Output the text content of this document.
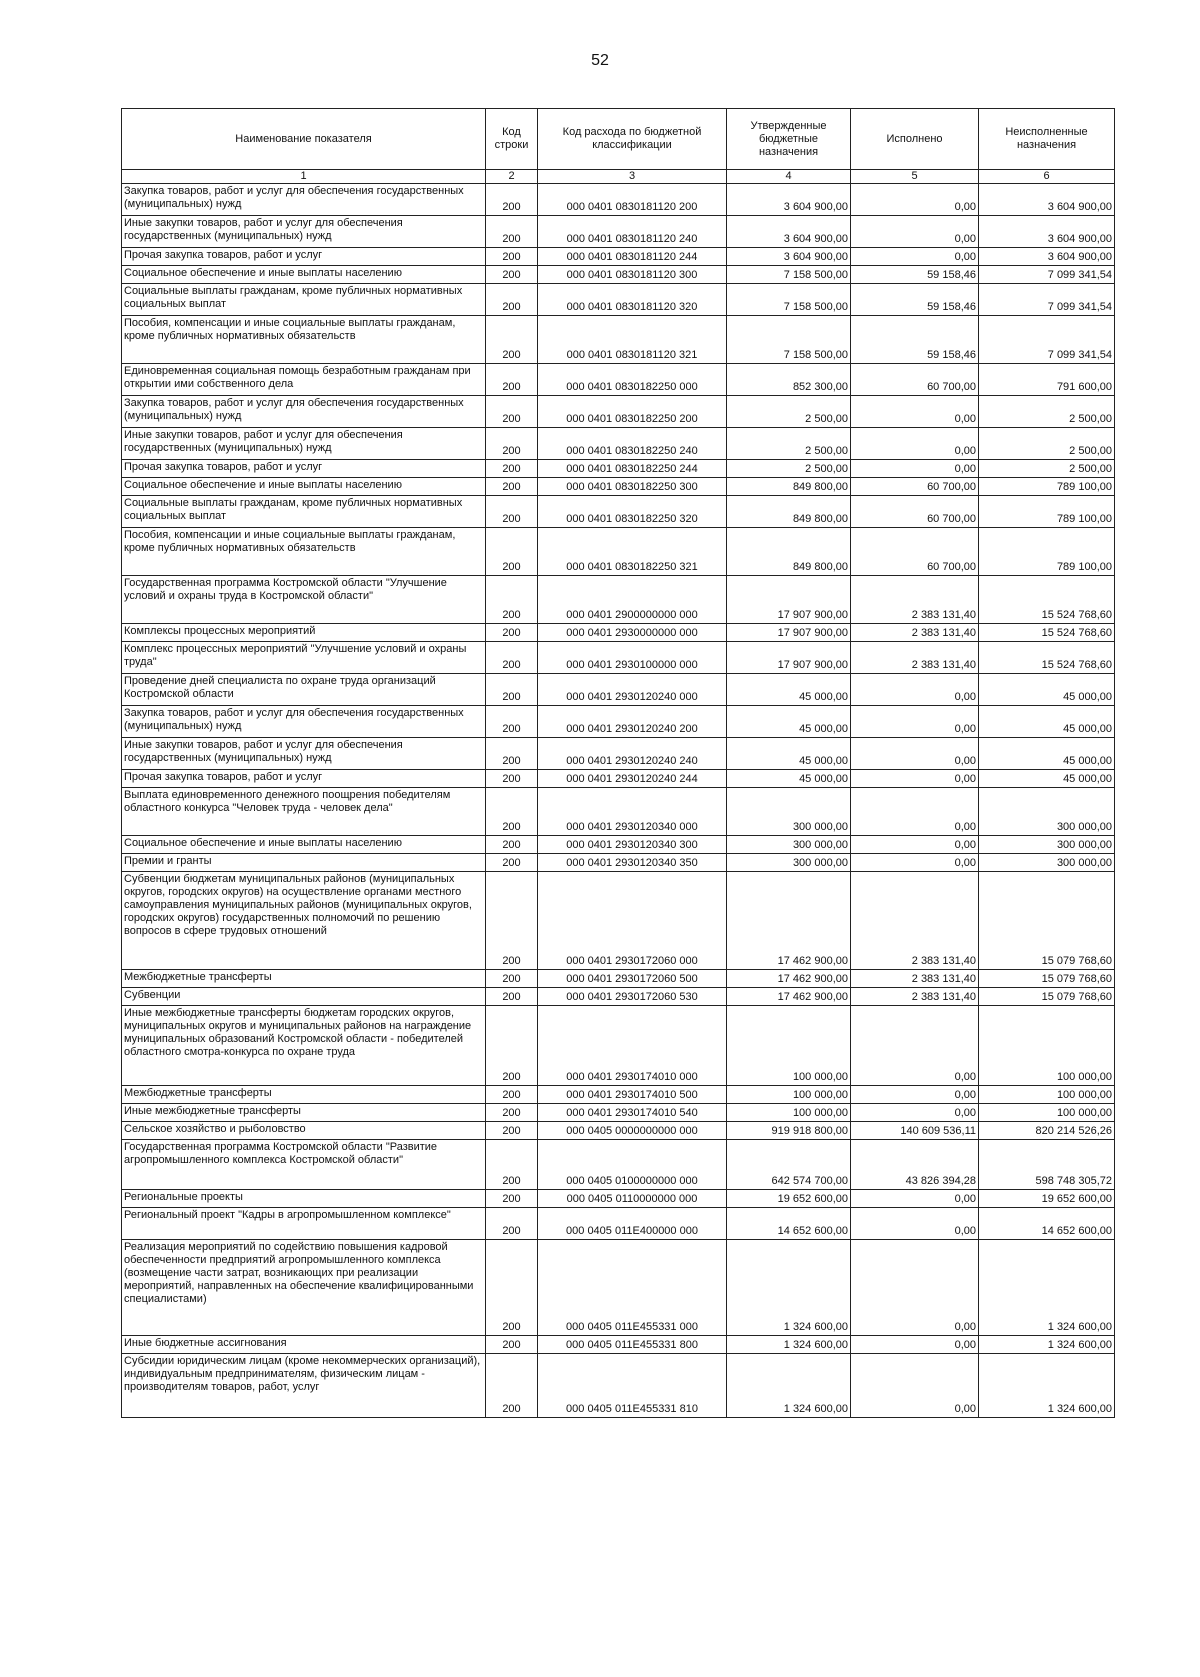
52
Наименование показателя	Код строки	Код расхода по бюджетной классификации	Утвержденные бюджетные назначения	Исполнено	Неисполненные назначения
1	2	3	4	5	6
Закупка товаров, работ и услуг для обеспечения государственных (муниципальных) нужд	200	000 0401 0830181120 200	3 604 900,00	0,00	3 604 900,00
Иные закупки товаров, работ и услуг для обеспечения государственных (муниципальных) нужд	200	000 0401 0830181120 240	3 604 900,00	0,00	3 604 900,00
Прочая закупка товаров, работ и услуг	200	000 0401 0830181120 244	3 604 900,00	0,00	3 604 900,00
Социальное обеспечение и иные выплаты населению	200	000 0401 0830181120 300	7 158 500,00	59 158,46	7 099 341,54
Социальные выплаты гражданам, кроме публичных нормативных социальных выплат	200	000 0401 0830181120 320	7 158 500,00	59 158,46	7 099 341,54
Пособия, компенсации и иные социальные выплаты гражданам, кроме публичных нормативных обязательств	200	000 0401 0830181120 321	7 158 500,00	59 158,46	7 099 341,54
Единовременная социальная помощь безработным гражданам при открытии ими собственного дела	200	000 0401 0830182250 000	852 300,00	60 700,00	791 600,00
Закупка товаров, работ и услуг для обеспечения государственных (муниципальных) нужд	200	000 0401 0830182250 200	2 500,00	0,00	2 500,00
Иные закупки товаров, работ и услуг для обеспечения государственных (муниципальных) нужд	200	000 0401 0830182250 240	2 500,00	0,00	2 500,00
Прочая закупка товаров, работ и услуг	200	000 0401 0830182250 244	2 500,00	0,00	2 500,00
Социальное обеспечение и иные выплаты населению	200	000 0401 0830182250 300	849 800,00	60 700,00	789 100,00
Социальные выплаты гражданам, кроме публичных нормативных социальных выплат	200	000 0401 0830182250 320	849 800,00	60 700,00	789 100,00
Пособия, компенсации и иные социальные выплаты гражданам, кроме публичных нормативных обязательств	200	000 0401 0830182250 321	849 800,00	60 700,00	789 100,00
Государственная программа Костромской области "Улучшение условий и охраны труда в Костромской области"	200	000 0401 2900000000 000	17 907 900,00	2 383 131,40	15 524 768,60
Комплексы процессных мероприятий	200	000 0401 2930000000 000	17 907 900,00	2 383 131,40	15 524 768,60
Комплекс процессных мероприятий "Улучшение условий и охраны труда"	200	000 0401 2930100000 000	17 907 900,00	2 383 131,40	15 524 768,60
Проведение дней специалиста по охране труда организаций Костромской области	200	000 0401 2930120240 000	45 000,00	0,00	45 000,00
Закупка товаров, работ и услуг для обеспечения государственных (муниципальных) нужд	200	000 0401 2930120240 200	45 000,00	0,00	45 000,00
Иные закупки товаров, работ и услуг для обеспечения государственных (муниципальных) нужд	200	000 0401 2930120240 240	45 000,00	0,00	45 000,00
Прочая закупка товаров, работ и услуг	200	000 0401 2930120240 244	45 000,00	0,00	45 000,00
Выплата единовременного денежного поощрения победителям областного конкурса "Человек труда - человек дела"	200	000 0401 2930120340 000	300 000,00	0,00	300 000,00
Социальное обеспечение и иные выплаты населению	200	000 0401 2930120340 300	300 000,00	0,00	300 000,00
Премии и гранты	200	000 0401 2930120340 350	300 000,00	0,00	300 000,00
Субвенции бюджетам муниципальных районов (муниципальных округов, городских округов) на осуществление органами местного самоуправления муниципальных районов (муниципальных округов, городских округов) государственных полномочий по решению вопросов в сфере трудовых отношений	200	000 0401 2930172060 000	17 462 900,00	2 383 131,40	15 079 768,60
Межбюджетные трансферты	200	000 0401 2930172060 500	17 462 900,00	2 383 131,40	15 079 768,60
Субвенции	200	000 0401 2930172060 530	17 462 900,00	2 383 131,40	15 079 768,60
Иные межбюджетные трансферты бюджетам городских округов, муниципальных округов и муниципальных районов на награждение муниципальных образований Костромской области - победителей областного смотра-конкурса по охране труда	200	000 0401 2930174010 000	100 000,00	0,00	100 000,00
Межбюджетные трансферты	200	000 0401 2930174010 500	100 000,00	0,00	100 000,00
Иные межбюджетные трансферты	200	000 0401 2930174010 540	100 000,00	0,00	100 000,00
Сельское хозяйство и рыболовство	200	000 0405 0000000000 000	919 918 800,00	140 609 536,11	820 214 526,26
Государственная программа Костромской области "Развитие агропромышленного комплекса Костромской области"	200	000 0405 0100000000 000	642 574 700,00	43 826 394,28	598 748 305,72
Региональные проекты	200	000 0405 0110000000 000	19 652 600,00	0,00	19 652 600,00
Региональный проект "Кадры в агропромышленном комплексе"	200	000 0405 011Е400000 000	14 652 600,00	0,00	14 652 600,00
Реализация мероприятий по содействию повышения кадровой обеспеченности предприятий агропромышленного комплекса (возмещение части затрат, возникающих при реализации мероприятий, направленных на обеспечение квалифицированными специалистами)	200	000 0405 011Е455331 000	1 324 600,00	0,00	1 324 600,00
Иные бюджетные ассигнования	200	000 0405 011Е455331 800	1 324 600,00	0,00	1 324 600,00
Субсидии юридическим лицам (кроме некоммерческих организаций), индивидуальным предпринимателям, физическим лицам - производителям товаров, работ, услуг	200	000 0405 011Е455331 810	1 324 600,00	0,00	1 324 600,00
